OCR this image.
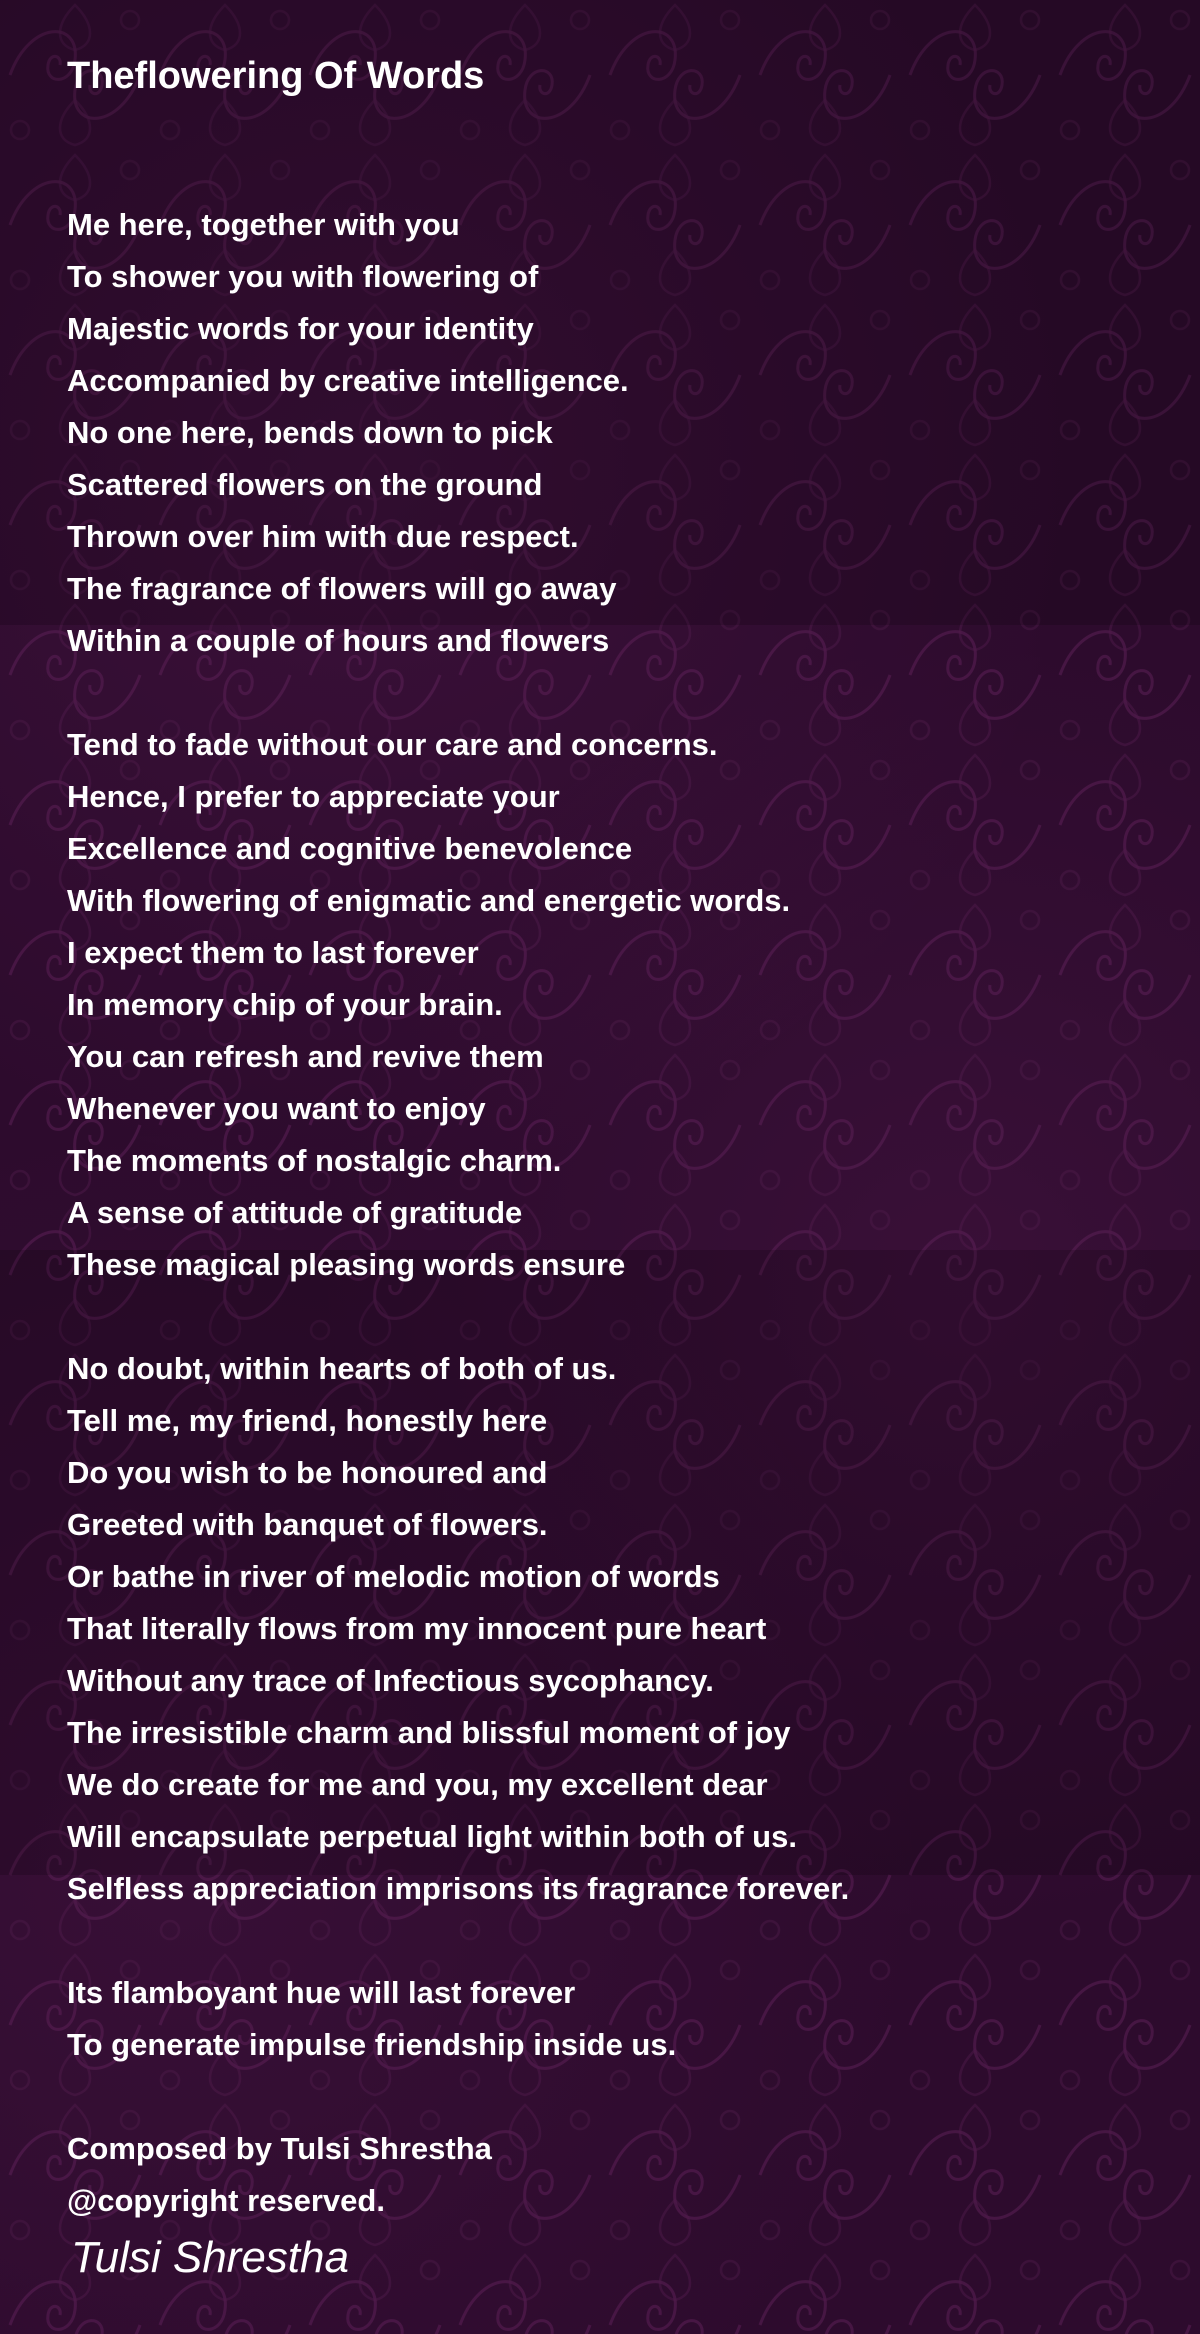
Theflowering Of Words
Me here, together with you
To shower you with flowering of
Majestic words for your identity
Accompanied by creative intelligence.
No one here, bends down to pick
Scattered flowers on the ground
Thrown over him with due respect.
The fragrance of flowers will go away
Within a couple of hours and flowers
Tend to fade without our care and concerns.
Hence, I prefer to appreciate your
Excellence and cognitive benevolence
With flowering of enigmatic and energetic words.
I expect them to last forever
In memory chip of your brain.
You can refresh and revive them
Whenever you want to enjoy
The moments of nostalgic charm.
A sense of attitude of gratitude
These magical pleasing words ensure
No doubt, within hearts of both of us.
Tell me, my friend, honestly here
Do you wish to be honoured and
Greeted with banquet of flowers.
Or bathe in river of melodic motion of words
That literally flows from my innocent pure heart
Without any trace of Infectious sycophancy.
The irresistible charm and blissful moment of joy
We do create for me and you, my excellent dear
Will encapsulate perpetual light within both of us.
Selfless appreciation imprisons its fragrance forever.
Its flamboyant hue will last forever
To generate impulse friendship inside us.
Composed by Tulsi Shrestha
@copyright reserved.
Tulsi Shrestha
